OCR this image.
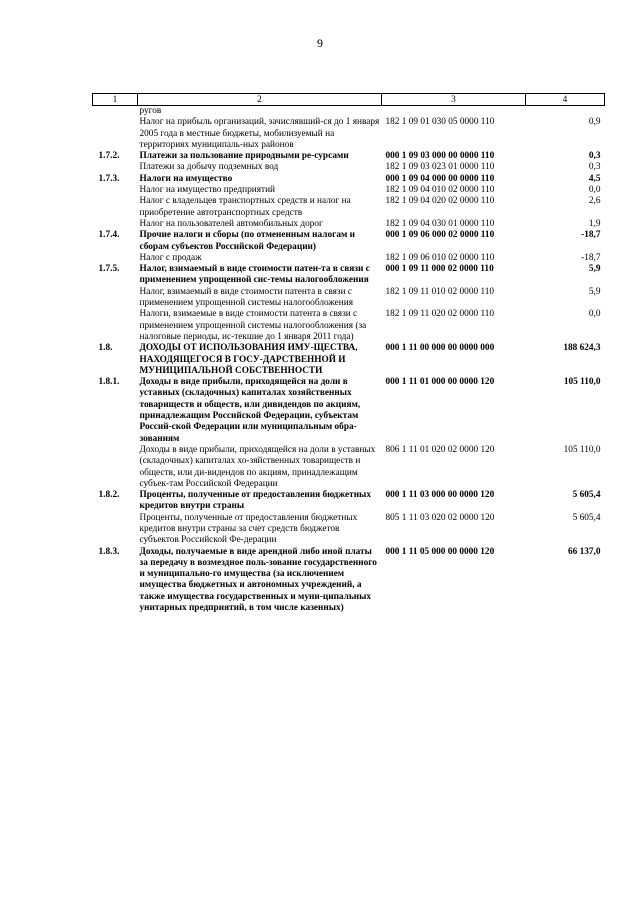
9
1	2	3	4
	ругов		
	Налог на прибыль организаций, зачислявший-ся до 1 января 2005 года в местные бюджеты, мобилизуемый на территориях муниципаль-ных районов	182 1 09 01 030 05 0000 110	0,9
1.7.2.	Платежи за пользование природными ре-сурсами	000 1 09 03 000 00 0000 110	0,3
	Платежи за добычу подземных вод	182 1 09 03 023 01 0000 110	0,3
1.7.3.	Налоги на имущество	000 1 09 04 000 00 0000 110	4,5
	Налог на имущество предприятий	182 1 09 04 010 02 0000 110	0,0
	Налог с владельцев транспортных средств и налог на приобретение автотранспортных средств	182 1 09 04 020 02 0000 110	2,6
	Налог на пользователей автомобильных дорог	182 1 09 04 030 01 0000 110	1,9
1.7.4.	Прочие налоги и сборы (по отмененным налогам и сборам субъектов Российской Федерации)	000 1 09 06 000 02 0000 110	-18,7
	Налог с продаж	182 1 09 06 010 02 0000 110	-18,7
1.7.5.	Налог, взимаемый в виде стоимости патен-та в связи с применением упрощенной сис-темы налогообложения	000 1 09 11 000 02 0000 110	5,9
	Налог, взимаемый в виде стоимости патента в связи с применением упрощенной системы налогообложения	182 1 09 11 010 02 0000 110	5,9
	Налоги, взимаемые в виде стоимости патента в связи с применением упрощенной системы налогообложения (за налоговые периоды, ис-текшие до 1 января 2011 года)	182 1 09 11 020 02 0000 110	0,0
1.8.	ДОХОДЫ ОТ ИСПОЛЬЗОВАНИЯ ИМУ-ЩЕСТВА, НАХОДЯЩЕГОСЯ В ГОСУ-ДАРСТВЕННОЙ И МУНИЦИПАЛЬНОЙ СОБСТВЕННОСТИ	000 1 11 00 000 00 0000 000	188 624,3
1.8.1.	Доходы в виде прибыли, приходящейся на доли в уставных (складочных) капиталах хозяйственных товариществ и обществ, или дивидендов по акциям, принадлежащим Российской Федерации, субъектам Россий-ской Федерации или муниципальным обра-зованиям	000 1 11 01 000 00 0000 120	105 110,0
	Доходы в виде прибыли, приходящейся на доли в уставных (складочных) капиталах хо-зяйственных товариществ и обществ, или ди-видендов по акциям, принадлежащим субъек-там Российской Федерации	806 1 11 01 020 02 0000 120	105 110,0
1.8.2.	Проценты, полученные от предоставления бюджетных кредитов внутри страны	000 1 11 03 000 00 0000 120	5 605,4
	Проценты, полученные от предоставления бюджетных кредитов внутри страны за счет средств бюджетов субъектов Российской Фе-дерации	805 1 11 03 020 02 0000 120	5 605,4
1.8.3.	Доходы, получаемые в виде арендной либо иной платы за передачу в возмездное поль-зование государственного и муниципально-го имущества (за исключением имущества бюджетных и автономных учреждений, а также имущества государственных и муни-ципальных унитарных предприятий, в том числе казенных)	000 1 11 05 000 00 0000 120	66 137,0
